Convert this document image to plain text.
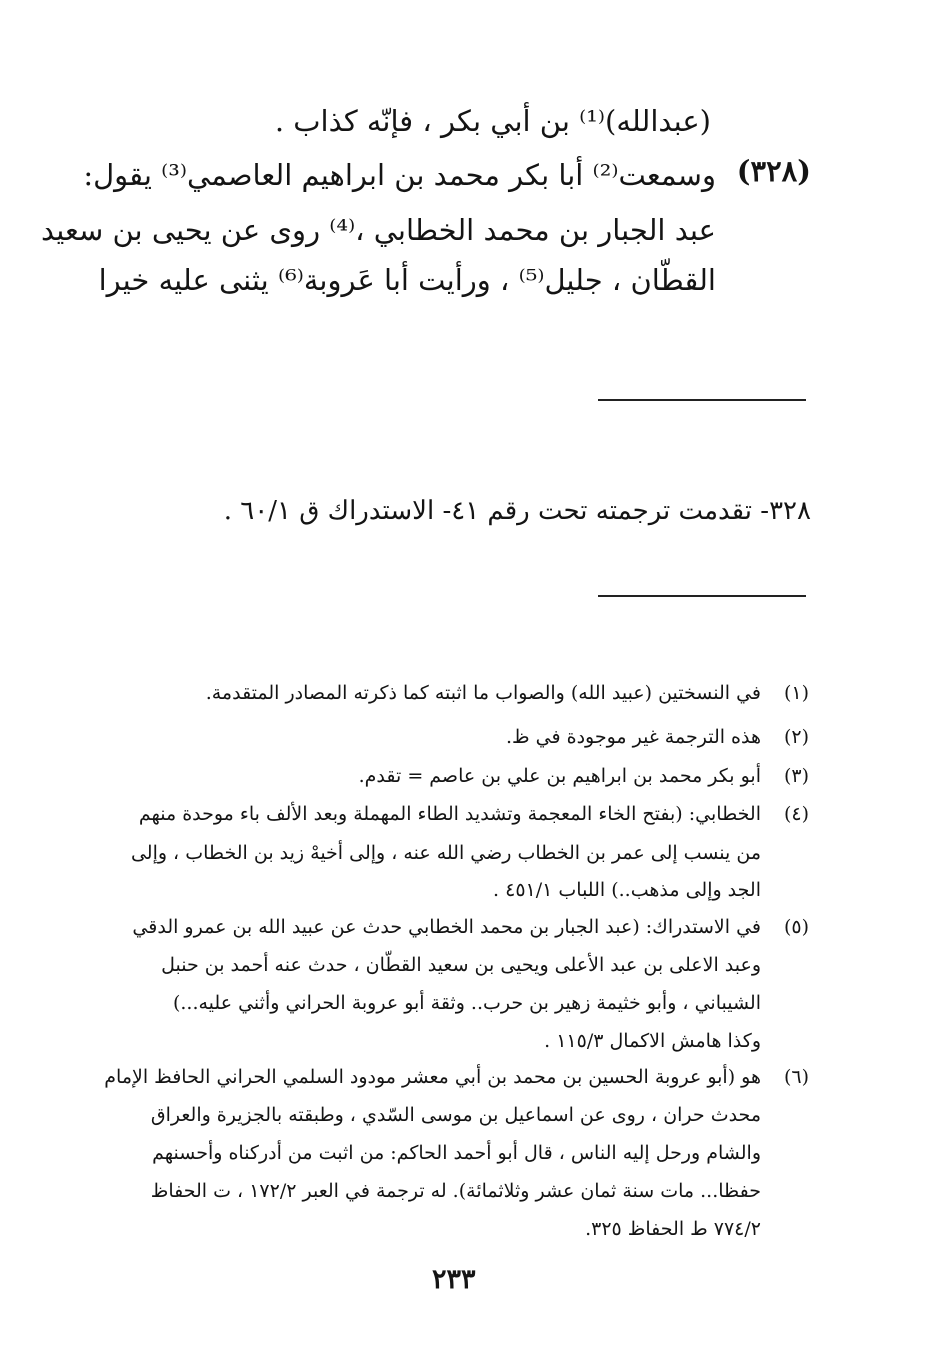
(عبدالله)⁽¹⁾ بن أبي بكر ، فإنّه كذاب .
(٣٢٨)
وسمعت⁽²⁾ أبا بكر محمد بن ابراهيم العاصمي⁽³⁾ يقول:
عبد الجبار بن محمد الخطابي ،⁽⁴⁾ روى عن يحيى بن سعيد
القطّان ، جليل⁽⁵⁾ ، ورأيت أبا عَروبة⁽⁶⁾ يثنى عليه خيرا
٣٢٨- تقدمت ترجمته تحت رقم ٤١- الاستدراك ق ٦٠/١ .
(١)
في النسختين (عبيد الله) والصواب ما اثبته كما ذكرته المصادر المتقدمة.
(٢)
هذه الترجمة غير موجودة في ظ.
(٣)
أبو بكر محمد بن ابراهيم بن علي بن عاصم = تقدم.
(٤)
الخطابي: (بفتح الخاء المعجمة وتشديد الطاء المهملة وبعد الألف باء موحدة منهم
من ينسب إلى عمر بن الخطاب رضي الله عنه ، وإلى أخيهْ زيد بن الخطاب ، وإلى
الجد وإلى مذهب..) اللباب ٤٥١/١ .
(٥)
في الاستدراك: (عبد الجبار بن محمد الخطابي حدث عن عبيد الله بن عمرو الدقي
وعبد الاعلى بن عبد الأعلى ويحيى بن سعيد القطّان ، حدث عنه أحمد بن حنبل
الشيباني ، وأبو خثيمة زهير بن حرب.. وثقة أبو عروبة الحراني وأثني عليه...)
وكذا هامش الاكمال ١١٥/٣ .
(٦)
هو (أبو عروبة الحسين بن محمد بن أبي معشر مودود السلمي الحراني الحافظ الإمام
محدث حران ، روى عن اسماعيل بن موسى السّدي ، وطبقته بالجزيرة والعراق
والشام ورحل إليه الناس ، قال أبو أحمد الحاكم: من اثبت من أدركناه وأحسنهم
حفظا... مات سنة ثمان عشر وثلاثمائة). له ترجمة في العبر ١٧٢/٢ ، ت الحفاظ
٧٧٤/٢ ط الحفاظ ٣٢٥.
٢٣٣
